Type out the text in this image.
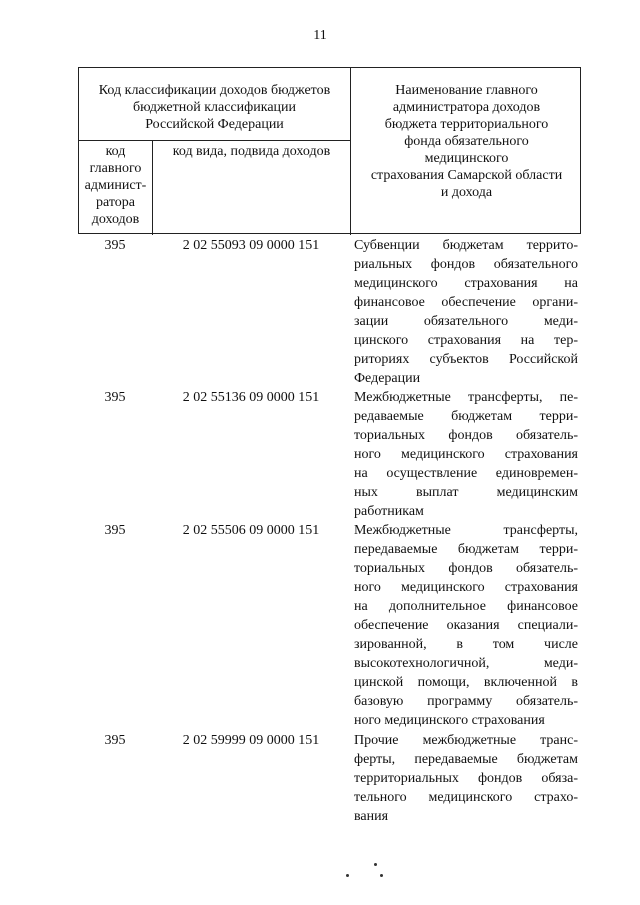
11
Код классификации доходов бюджетов
бюджетной классификации
Российской Федерации
код
главного
админист-
ратора
доходов
код вида, подвида доходов
Наименование главного
администратора доходов
бюджета территориального
фонда обязательного
медицинского
страхования Самарской области
и дохода
395	2 02 55093 09 0000 151	Субвенции бюджетам террито-
риальных фондов обязательного
медицинского страхования на
финансовое обеспечение органи-
зации обязательного меди-
цинского страхования на тер-
риториях субъектов Российской
Федерации
395	2 02 55136 09 0000 151	Межбюджетные трансферты, пе-
редаваемые бюджетам терри-
ториальных фондов обязатель-
ного медицинского страхования
на осуществление единовремен-
ных выплат медицинским
работникам
395	2 02 55506 09 0000 151	Межбюджетные трансферты,
передаваемые бюджетам терри-
ториальных фондов обязатель-
ного медицинского страхования
на дополнительное финансовое
обеспечение оказания специали-
зированной, в том числе
высокотехнологичной, меди-
цинской помощи, включенной в
базовую программу обязатель-
ного медицинского страхования
395	2 02 59999 09 0000 151	Прочие межбюджетные транс-
ферты, передаваемые бюджетам
территориальных фондов обяза-
тельного медицинского страхо-
вания
